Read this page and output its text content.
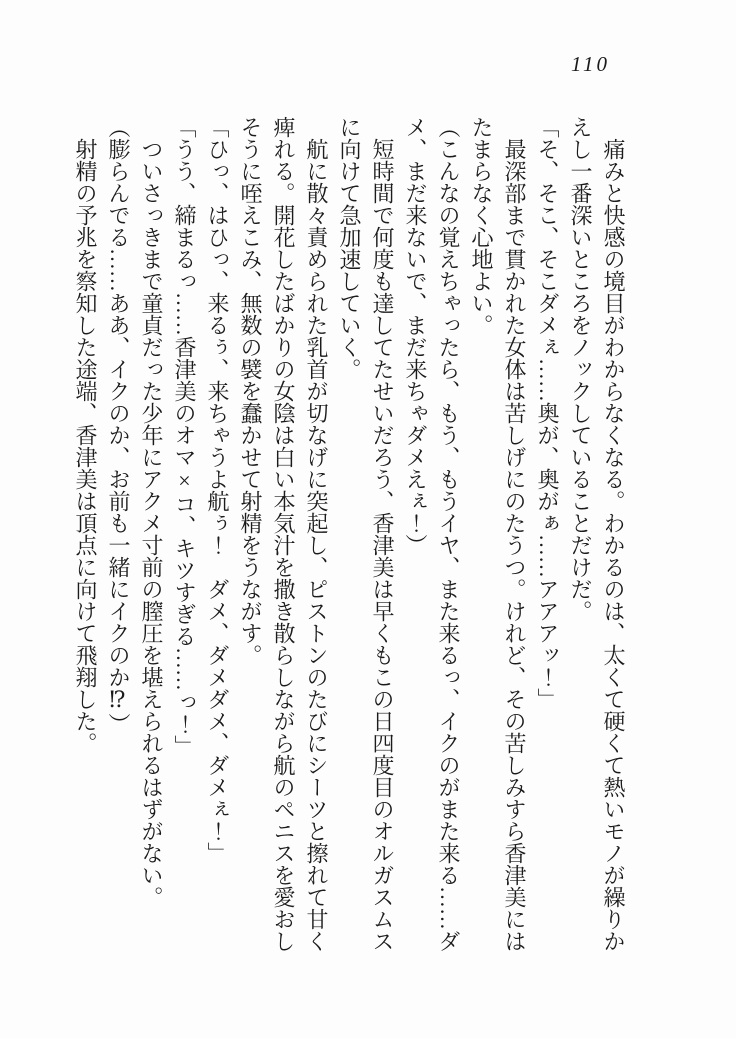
110

痛みと快感の境目がわからなくなる。わかるのは、太くて硬くて熱いモノが繰りかえし一番深いところをノックしていることだけだ。

「そ、そこ、そこダメぇ……奥が、奥がぁ……アアアッ！」

最深部まで貫かれた女体は苦しげにのたうつ。けれど、その苦しみすら香津美にはたまらなく心地よい。

（こんなの覚えちゃったら、もう、もうイヤ、また来るっ、イクのがまた来る……ダメ、まだ来ないで、まだ来ちゃダメえぇ！）

短時間で何度も達してたせいだろう、香津美は早くもこの日四度目のオルガスムスに向けて急加速していく。

航に散々責められた乳首が切なげに突起し、ピストンのたびにシーツと擦れて甘く痺れる。開花したばかりの女陰は白い本気汁を撒き散らしながら航のペニスを愛おしそうに咥えこみ、無数の襞を蠢かせて射精をうながす。

「ひっ、はひっ、来るぅ、来ちゃうよ航ぅ！　ダメ、ダメダメ、ダメぇ！」

「うう、締まるっ……香津美のオマ×コ、キツすぎる……っ！」

ついさっきまで童貞だった少年にアクメ寸前の膣圧を堪えられるはずがない。

（膨らんでる……ああ、イクのか、お前も一緒にイクのか⁉）

射精の予兆を察知した途端、香津美は頂点に向けて飛翔した。
